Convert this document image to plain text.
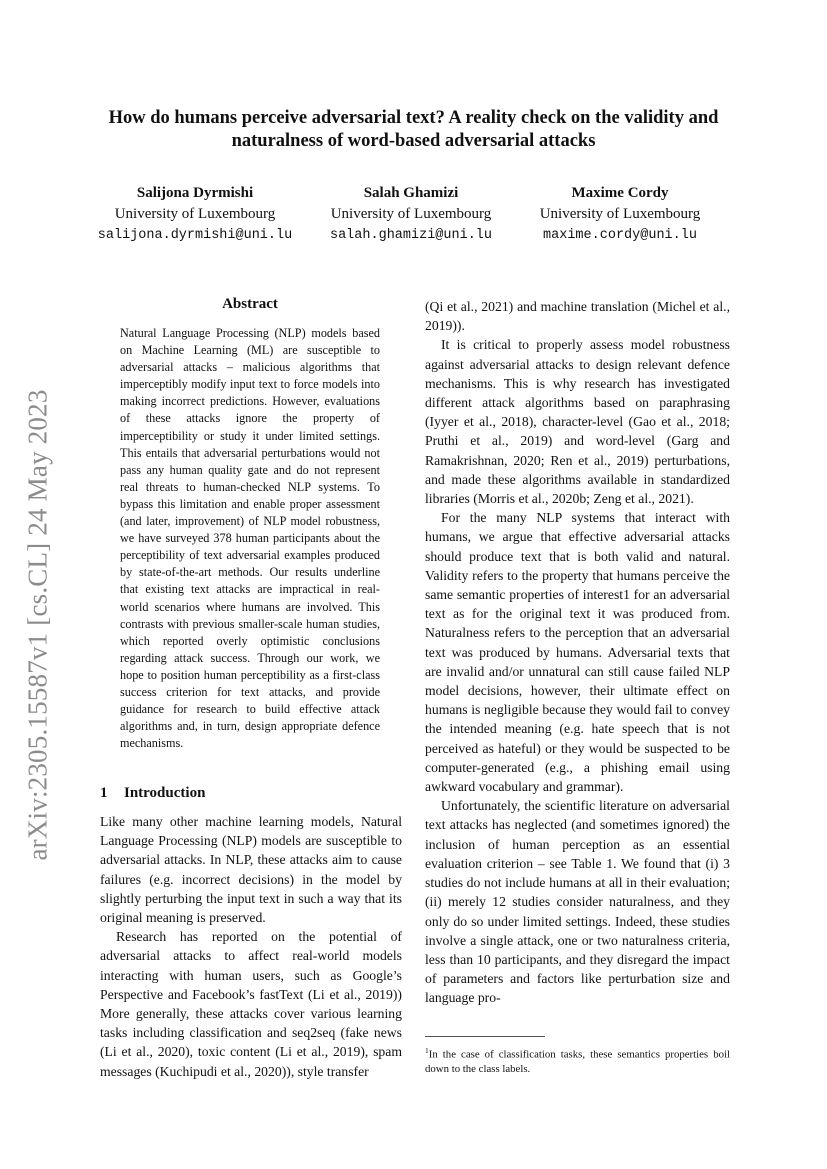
arXiv:2305.15587v1 [cs.CL] 24 May 2023
How do humans perceive adversarial text? A reality check on the validity and naturalness of word-based adversarial attacks
Salijona Dyrmishi
University of Luxembourg
salijona.dyrmishi@uni.lu
Salah Ghamizi
University of Luxembourg
salah.ghamizi@uni.lu
Maxime Cordy
University of Luxembourg
maxime.cordy@uni.lu
Abstract
Natural Language Processing (NLP) models based on Machine Learning (ML) are susceptible to adversarial attacks – malicious algorithms that imperceptibly modify input text to force models into making incorrect predictions. However, evaluations of these attacks ignore the property of imperceptibility or study it under limited settings. This entails that adversarial perturbations would not pass any human quality gate and do not represent real threats to human-checked NLP systems. To bypass this limitation and enable proper assessment (and later, improvement) of NLP model robustness, we have surveyed 378 human participants about the perceptibility of text adversarial examples produced by state-of-the-art methods. Our results underline that existing text attacks are impractical in real-world scenarios where humans are involved. This contrasts with previous smaller-scale human studies, which reported overly optimistic conclusions regarding attack success. Through our work, we hope to position human perceptibility as a first-class success criterion for text attacks, and provide guidance for research to build effective attack algorithms and, in turn, design appropriate defence mechanisms.
1 Introduction

Like many other machine learning models, Natural Language Processing (NLP) models are susceptible to adversarial attacks. In NLP, these attacks aim to cause failures (e.g. incorrect decisions) in the model by slightly perturbing the input text in such a way that its original meaning is preserved.

Research has reported on the potential of adversarial attacks to affect real-world models interacting with human users, such as Google’s Perspective and Facebook’s fastText (Li et al., 2019)) More generally, these attacks cover various learning tasks including classification and seq2seq (fake news (Li et al., 2020), toxic content (Li et al., 2019), spam messages (Kuchipudi et al., 2020)), style transfer

(Qi et al., 2021) and machine translation (Michel et al., 2019)).

It is critical to properly assess model robustness against adversarial attacks to design relevant defence mechanisms. This is why research has investigated different attack algorithms based on paraphrasing (Iyyer et al., 2018), character-level (Gao et al., 2018; Pruthi et al., 2019) and word-level (Garg and Ramakrishnan, 2020; Ren et al., 2019) perturbations, and made these algorithms available in standardized libraries (Morris et al., 2020b; Zeng et al., 2021).

For the many NLP systems that interact with humans, we argue that effective adversarial attacks should produce text that is both valid and natural. Validity refers to the property that humans perceive the same semantic properties of interest1 for an adversarial text as for the original text it was produced from. Naturalness refers to the perception that an adversarial text was produced by humans. Adversarial texts that are invalid and/or unnatural can still cause failed NLP model decisions, however, their ultimate effect on humans is negligible because they would fail to convey the intended meaning (e.g. hate speech that is not perceived as hateful) or they would be suspected to be computer-generated (e.g., a phishing email using awkward vocabulary and grammar).

Unfortunately, the scientific literature on adversarial text attacks has neglected (and sometimes ignored) the inclusion of human perception as an essential evaluation criterion – see Table 1. We found that (i) 3 studies do not include humans at all in their evaluation; (ii) merely 12 studies consider naturalness, and they only do so under limited settings. Indeed, these studies involve a single attack, one or two naturalness criteria, less than 10 participants, and they disregard the impact of parameters and factors like perturbation size and language pro-

$^1$In the case of classification tasks, these semantics properties boil down to the class labels.
